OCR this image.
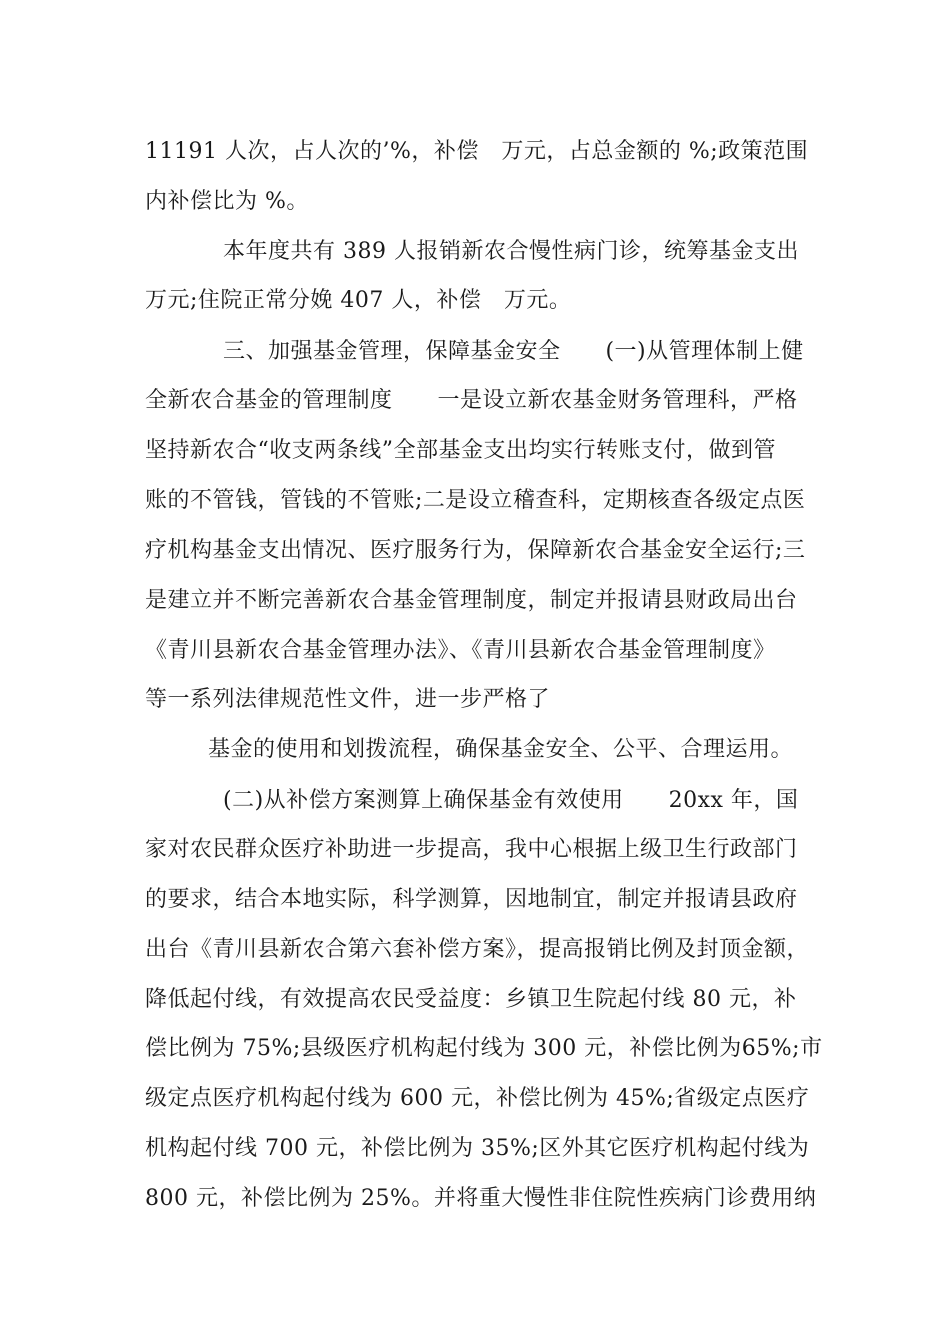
11191 人次，占人次的’%，补偿   万元，占总金额的 %;政策范围
内补偿比为 %。
本年度共有 389 人报销新农合慢性病门诊，统筹基金支出
万元;住院正常分娩 407 人，补偿   万元。
三、加强基金管理，保障基金安全      (一)从管理体制上健
全新农合基金的管理制度      一是设立新农基金财务管理科，严格
坚持新农合“收支两条线”全部基金支出均实行转账支付，做到管
账的不管钱，管钱的不管账;二是设立稽查科，定期核查各级定点医
疗机构基金支出情况、医疗服务行为，保障新农合基金安全运行;三
是建立并不断完善新农合基金管理制度，制定并报请县财政局出台
《青川县新农合基金管理办法》、《青川县新农合基金管理制度》
等一系列法律规范性文件，进一步严格了
基金的使用和划拨流程，确保基金安全、公平、合理运用。
(二)从补偿方案测算上确保基金有效使用      20xx 年，国
家对农民群众医疗补助进一步提高，我中心根据上级卫生行政部门
的要求，结合本地实际，科学测算，因地制宜，制定并报请县政府
出台《青川县新农合第六套补偿方案》，提高报销比例及封顶金额，
降低起付线，有效提高农民受益度：乡镇卫生院起付线 80 元，补
偿比例为 75%;县级医疗机构起付线为 300 元，补偿比例为65%;市
级定点医疗机构起付线为 600 元，补偿比例为 45%;省级定点医疗
机构起付线 700 元，补偿比例为 35%;区外其它医疗机构起付线为
800 元，补偿比例为 25%。并将重大慢性非住院性疾病门诊费用纳
